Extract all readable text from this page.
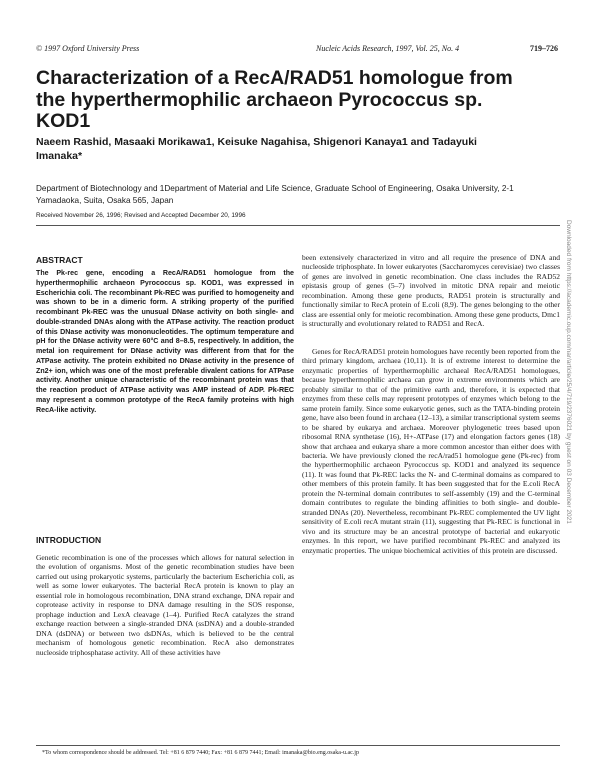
© 1997 Oxford University Press	Nucleic Acids Research, 1997, Vol. 25, No. 4	719–726
Characterization of a RecA/RAD51 homologue from the hyperthermophilic archaeon Pyrococcus sp. KOD1

Naeem Rashid, Masaaki Morikawa1, Keisuke Nagahisa, Shigenori Kanaya1 and Tadayuki Imanaka*

Department of Biotechnology and 1Department of Material and Life Science, Graduate School of Engineering, Osaka University, 2-1 Yamadaoka, Suita, Osaka 565, Japan

Received November 26, 1996; Revised and Accepted December 20, 1996

ABSTRACT

The Pk-rec gene, encoding a RecA/RAD51 homologue from the hyperthermophilic archaeon Pyrococcus sp. KOD1, was expressed in Escherichia coli. The recombinant Pk-REC was purified to homogeneity and was shown to be in a dimeric form. A striking property of the purified recombinant Pk-REC was the unusual DNase activity on both single- and double-stranded DNAs along with the ATPase activity. The reaction product of this DNase activity was mononucleotides. The optimum temperature and pH for the DNase activity were 60°C and 8–8.5, respectively. In addition, the metal ion requirement for DNase activity was different from that for the ATPase activity. The protein exhibited no DNase activity in the presence of Zn2+ ion, which was one of the most preferable divalent cations for ATPase activity. Another unique characteristic of the recombinant protein was that the reaction product of ATPase activity was AMP instead of ADP. Pk-REC may represent a common prototype of the RecA family proteins with high RecA-like activity.

INTRODUCTION

Genetic recombination is one of the processes which allows for natural selection in the evolution of organisms. Most of the genetic recombination studies have been carried out using prokaryotic systems, particularly the bacterium Escherichia coli, as well as some lower eukaryotes. The bacterial RecA protein is known to play an essential role in homologous recombination, DNA strand exchange, DNA repair and coprotease activity in response to DNA damage resulting in the SOS response, prophage induction and LexA cleavage (1–4). Purified RecA catalyzes the strand exchange reaction between a single-stranded DNA (ssDNA) and a double-stranded DNA (dsDNA) or between two dsDNAs, which is believed to be the central mechanism of homologous genetic recombination. RecA also demonstrates nucleoside triphosphatase activity. All of these activities have

been extensively characterized in vitro and all require the presence of DNA and nucleoside triphosphate. In lower eukaryotes (Saccharomyces cerevisiae) two classes of genes are involved in genetic recombination. One class includes the RAD52 epistasis group of genes (5–7) involved in mitotic DNA repair and meiotic recombination. Among these gene products, RAD51 protein is structurally and functionally similar to RecA protein of E.coli (8,9). The genes belonging to the other class are essential only for meiotic recombination. Among these gene products, Dmc1 is structurally and evolutionary related to RAD51 and RecA.

Genes for RecA/RAD51 protein homologues have recently been reported from the third primary kingdom, archaea (10,11). It is of extreme interest to determine the enzymatic properties of hyperthermophilic archaeal RecA/RAD51 homologues, because hyperthermophilic archaea can grow in extreme environments which are probably similar to that of the primitive earth and, therefore, it is expected that enzymes from these cells may represent prototypes of enzymes which belong to the same protein family. Since some eukaryotic genes, such as the TATA-binding protein gene, have also been found in archaea (12–13), a similar transcriptional system seems to be shared by eukarya and archaea. Moreover phylogenetic trees based upon ribosomal RNA synthetase (16), H+-ATPase (17) and elongation factors genes (18) show that archaea and eukarya share a more common ancestor than either does with bacteria. We have previously cloned the recA/rad51 homologue gene (Pk-rec) from the hyperthermophilic archaeon Pyrococcus sp. KOD1 and analyzed its sequence (11). It was found that Pk-REC lacks the N- and C-terminal domains as compared to other members of this protein family. It has been suggested that for the E.coli RecA protein the N-terminal domain contributes to self-assembly (19) and the C-terminal domain contributes to regulate the binding affinities to both single- and double-stranded DNAs (20). Nevertheless, recombinant Pk-REC complemented the UV light sensitivity of E.coli recA mutant strain (11), suggesting that Pk-REC is functional in vivo and its structure may be an ancestral prototype of bacterial and eukaryotic enzymes. In this report, we have purified recombinant Pk-REC and analyzed its enzymatic properties. The unique biochemical activities of this protein are discussed.

*To whom correspondence should be addressed. Tel: +81 6 879 7440; Fax: +81 6 879 7441; Email: imanaka@bio.eng.osaka-u.ac.jp

Downloaded from https://academic.oup.com/nar/article/25/4/719/2376021 by guest on 03 December 2021
